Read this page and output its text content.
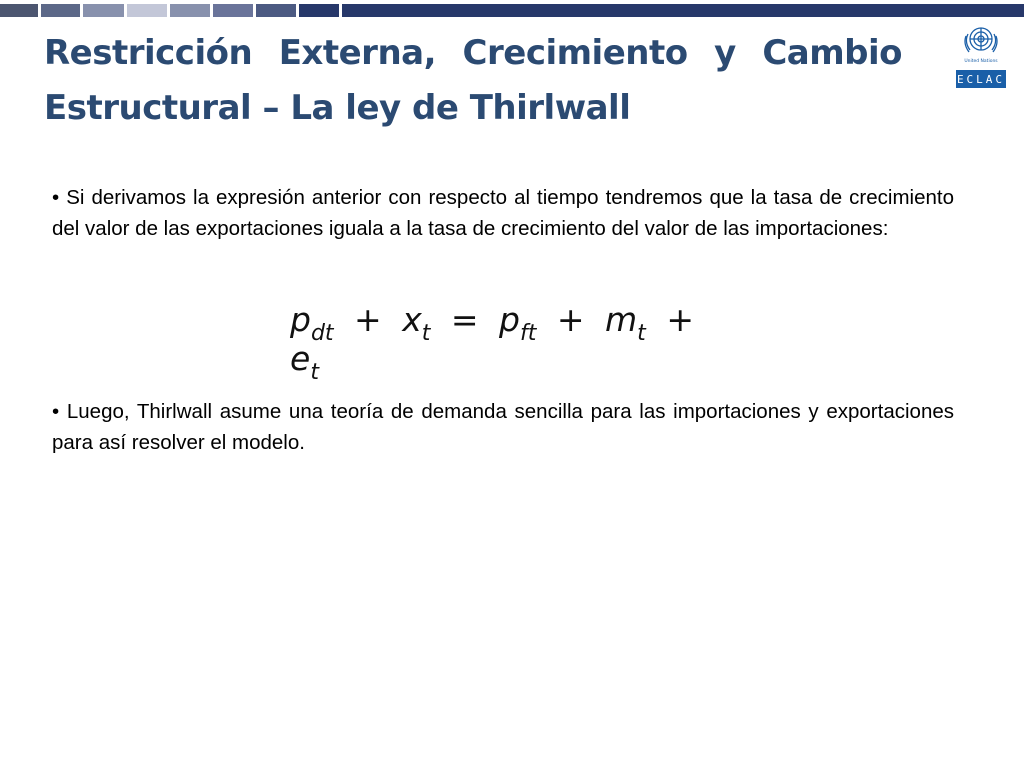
Restricción Externa, Crecimiento y Cambio
Estructural – La ley de Thirlwall
United Nations
ECLAC
• Si derivamos la expresión anterior con respecto al tiempo tendremos que la tasa de crecimiento del valor de las exportaciones iguala a la tasa de crecimiento del valor de las importaciones:
$p_{dt} + x_t = p_{ft} + m_t + e_t$
• Luego, Thirlwall asume una teoría de demanda sencilla para las importaciones y exportaciones para así resolver el modelo.
